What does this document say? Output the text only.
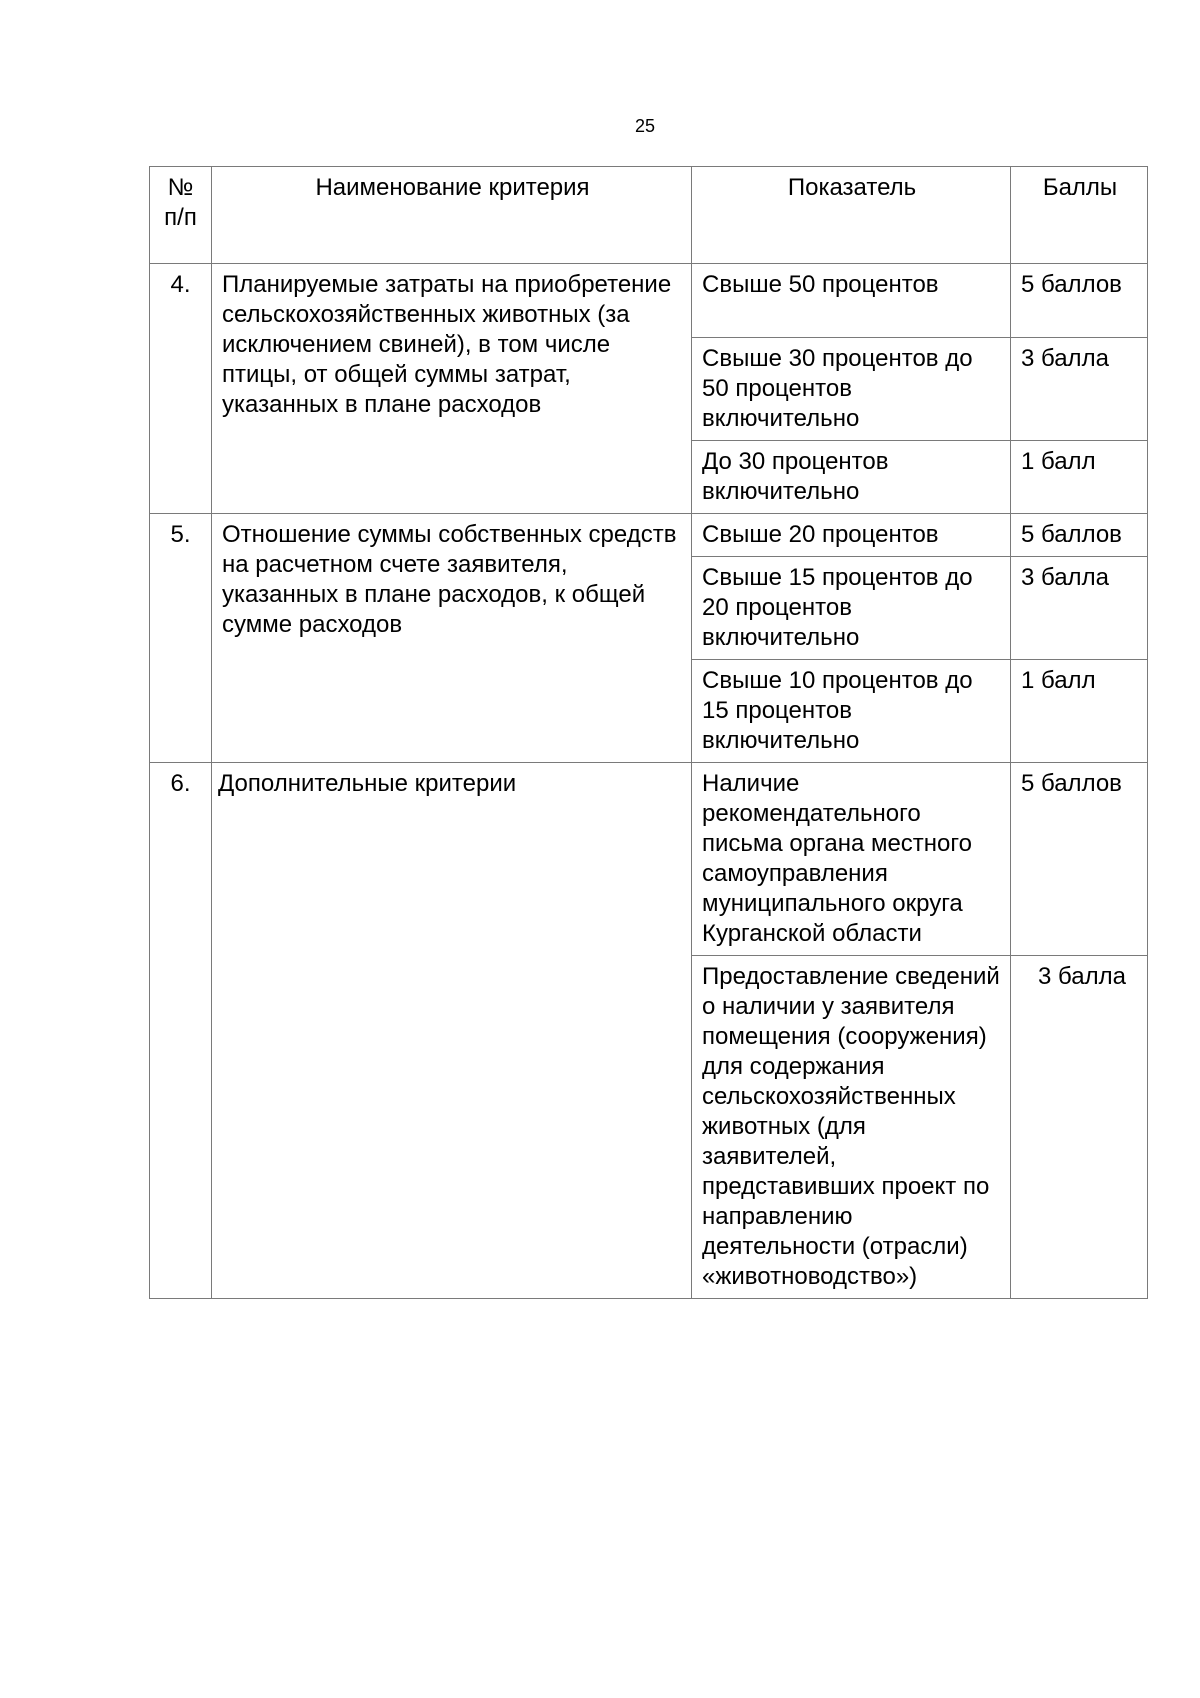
25
№
п/п	Наименование критерия	Показатель	Баллы
4.	Планируемые затраты на приобретение сельскохозяйственных животных (за исключением свиней), в том числе птицы, от общей суммы затрат, указанных в плане расходов	Свыше 50 процентов	5 баллов
		Свыше 30 процентов до 50 процентов включительно	3 балла
		До 30 процентов включительно	1 балл
5.	Отношение суммы собственных средств на расчетном счете заявителя, указанных в плане расходов, к общей сумме расходов	Свыше 20 процентов	5 баллов
		Свыше 15 процентов до 20 процентов включительно	3 балла
		Свыше 10 процентов до 15 процентов включительно	1 балл
6.	Дополнительные критерии	Наличие рекомендательного письма органа местного самоуправления муниципального округа Курганской области	5 баллов
		Предоставление сведений о наличии у заявителя помещения (сооружения) для содержания сельскохозяйственных животных (для заявителей, представивших проект по направлению деятельности (отрасли) «животноводство»)	3 балла
